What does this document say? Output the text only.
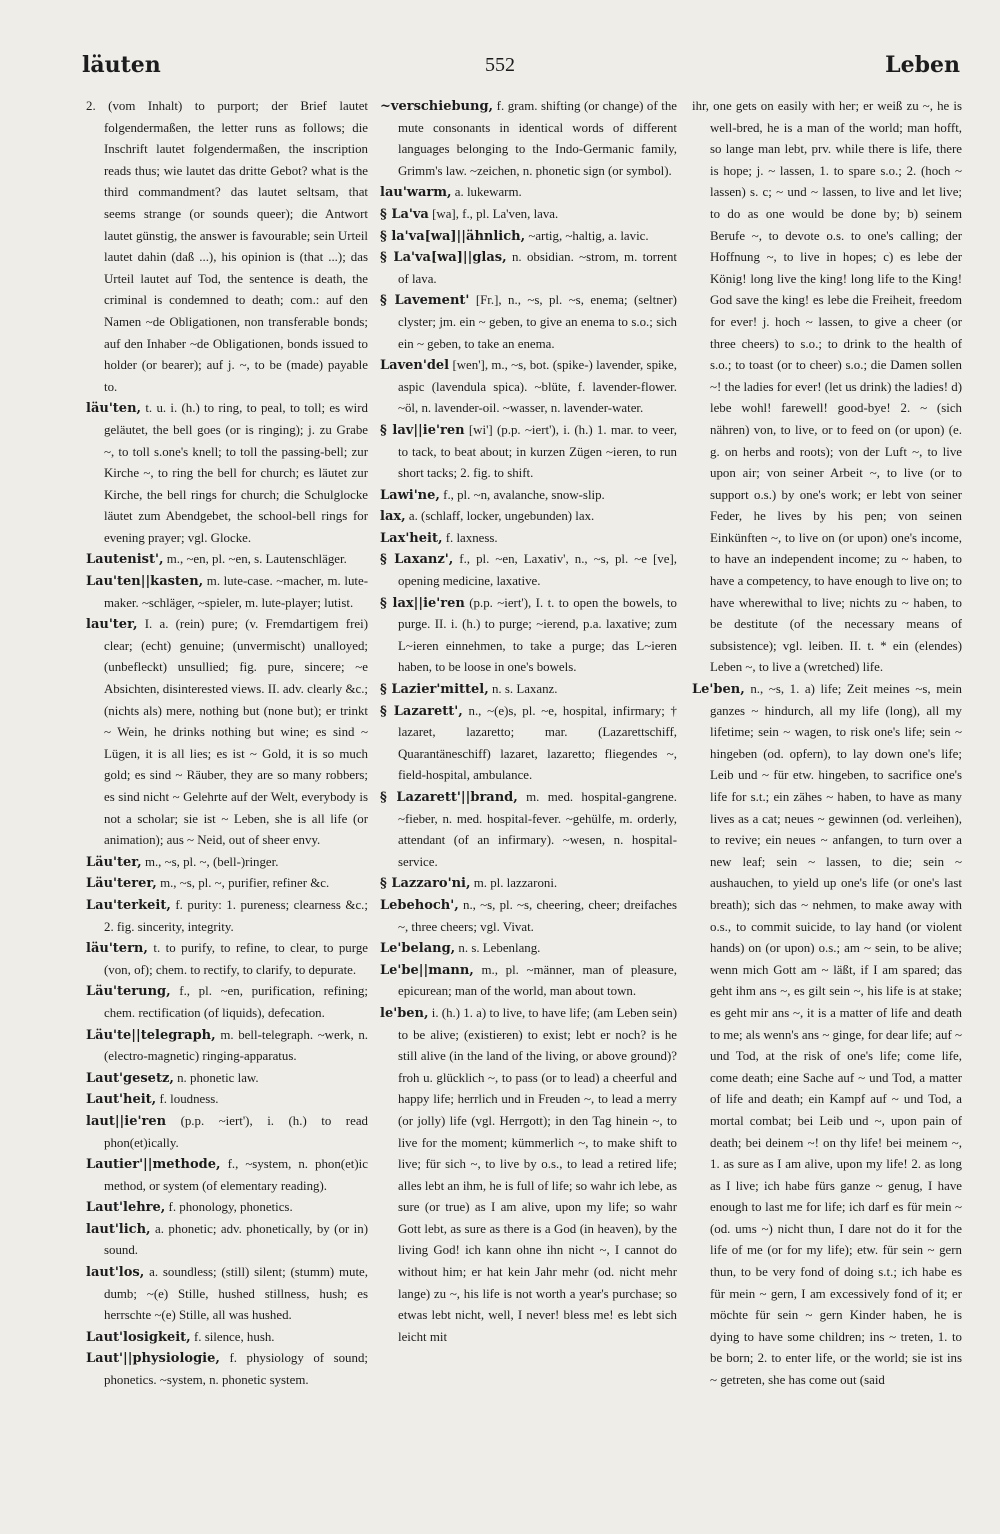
läuten	552	Leben

2. (vom Inhalt) to purport; der Brief lautet folgendermaßen, the letter runs as follows; die Inschrift lautet folgendermaßen, the inscription reads thus; wie lautet das dritte Gebot? what is the third commandment? das lautet seltsam, that seems strange (or sounds queer); die Antwort lautet günstig, the answer is favourable; sein Urteil lautet dahin (daß ...), his opinion is (that ...); das Urteil lautet auf Tod, the sentence is death, the criminal is condemned to death; com.: auf den Namen ~de Obligationen, non transferable bonds; auf den Inhaber ~de Obligationen, bonds issued to holder (or bearer); auf j. ~, to be (made) payable to.

läu'ten, t. u. i. (h.) to ring, to peal, to toll; es wird geläutet, the bell goes (or is ringing); j. zu Grabe ~, to toll s.one's knell; to toll the passing-bell; zur Kirche ~, to ring the bell for church; es läutet zur Kirche, the bell rings for church; die Schulglocke läutet zum Abendgebet, the school-bell rings for evening prayer; vgl. Glocke.

Lautenist', m., ~en, pl. ~en, s. Lautenschläger.

Lau'ten||kasten, m. lute-case. ~macher, m. lute-maker. ~schläger, ~spieler, m. lute-player; lutist.

lau'ter, I. a. (rein) pure; (v. Fremdartigem frei) clear; (echt) genuine; (unvermischt) unalloyed; (unbefleckt) unsullied; fig. pure, sincere; ~e Absichten, disinterested views. II. adv. clearly &c.; (nichts als) mere, nothing but (none but); er trinkt ~ Wein, he drinks nothing but wine; es sind ~ Lügen, it is all lies; es ist ~ Gold, it is so much gold; es sind ~ Räuber, they are so many robbers; es sind nicht ~ Gelehrte auf der Welt, everybody is not a scholar; sie ist ~ Leben, she is all life (or animation); aus ~ Neid, out of sheer envy.

Läu'ter, m., ~s, pl. ~, (bell-)ringer.

Läu'terer, m., ~s, pl. ~, purifier, refiner &c.

Lau'terkeit, f. purity: 1. pureness; clearness &c.; 2. fig. sincerity, integrity.

läu'tern, t. to purify, to refine, to clear, to purge (von, of); chem. to rectify, to clarify, to depurate.

Läu'terung, f., pl. ~en, purification, refining; chem. rectification (of liquids), defecation.

Läu'te||telegraph, m. bell-telegraph. ~werk, n. (electro-magnetic) ringing-apparatus.

Laut'gesetz, n. phonetic law.

Laut'heit, f. loudness.

laut||ie'ren (p.p. ~iert'), i. (h.) to read phon(et)ically.

Lautier'||methode, f., ~system, n. phon(et)ic method, or system (of elementary reading).

Laut'lehre, f. phonology, phonetics.

laut'lich, a. phonetic; adv. phonetically, by (or in) sound.

laut'los, a. soundless; (still) silent; (stumm) mute, dumb; ~(e) Stille, hushed stillness, hush; es herrschte ~(e) Stille, all was hushed.

Laut'losigkeit, f. silence, hush.

Laut'||physiologie, f. physiology of sound; phonetics. ~system, n. phonetic system.

~verschiebung, f. gram. shifting (or change) of the mute consonants in identical words of different languages belonging to the Indo-Germanic family, Grimm's law. ~zeichen, n. phonetic sign (or symbol).

lau'warm, a. lukewarm.

§ La'va [wa], f., pl. La'ven, lava.

§ la'va[wa]||ähnlich, ~artig, ~haltig, a. lavic.

§ La'va[wa]||glas, n. obsidian. ~strom, m. torrent of lava.

§ Lavement' [Fr.], n., ~s, pl. ~s, enema; (seltner) clyster; jm. ein ~ geben, to give an enema to s.o.; sich ein ~ geben, to take an enema.

Laven'del [wen'], m., ~s, bot. (spike-) lavender, spike, aspic (lavendula spica). ~blüte, f. lavender-flower. ~öl, n. lavender-oil. ~wasser, n. lavender-water.

§ lav||ie'ren [wi'] (p.p. ~iert'), i. (h.) 1. mar. to veer, to tack, to beat about; in kurzen Zügen ~ieren, to run short tacks; 2. fig. to shift.

Lawi'ne, f., pl. ~n, avalanche, snow-slip.

lax, a. (schlaff, locker, ungebunden) lax.

Lax'heit, f. laxness.

§ Laxanz', f., pl. ~en, Laxativ', n., ~s, pl. ~e [ve], opening medicine, laxative.

§ lax||ie'ren (p.p. ~iert'), I. t. to open the bowels, to purge. II. i. (h.) to purge; ~ierend, p.a. laxative; zum L~ieren einnehmen, to take a purge; das L~ieren haben, to be loose in one's bowels.

§ Lazier'mittel, n. s. Laxanz.

§ Lazarett', n., ~(e)s, pl. ~e, hospital, infirmary; † lazaret, lazaretto; mar. (Lazarettschiff, Quarantäneschiff) lazaret, lazaretto; fliegendes ~, field-hospital, ambulance.

§ Lazarett'||brand, m. med. hospital-gangrene. ~fieber, n. med. hospital-fever. ~gehülfe, m. orderly, attendant (of an infirmary). ~wesen, n. hospital-service.

§ Lazzaro'ni, m. pl. lazzaroni.

Lebehoch', n., ~s, pl. ~s, cheering, cheer; dreifaches ~, three cheers; vgl. Vivat.

Le'belang, n. s. Lebenlang.

Le'be||mann, m., pl. ~männer, man of pleasure, epicurean; man of the world, man about town.

le'ben, i. (h.) 1. a) to live, to have life; (am Leben sein) to be alive; (existieren) to exist; lebt er noch? is he still alive (in the land of the living, or above ground)? froh u. glücklich ~, to pass (or to lead) a cheerful and happy life; herrlich und in Freuden ~, to lead a merry (or jolly) life (vgl. Herrgott); in den Tag hinein ~, to live for the moment; kümmerlich ~, to make shift to live; für sich ~, to live by o.s., to lead a retired life; alles lebt an ihm, he is full of life; so wahr ich lebe, as sure (or true) as I am alive, upon my life; so wahr Gott lebt, as sure as there is a God (in heaven), by the living God! ich kann ohne ihn nicht ~, I cannot do without him; er hat kein Jahr mehr (od. nicht mehr lange) zu ~, his life is not worth a year's purchase; so etwas lebt nicht, well, I never! bless me! es lebt sich leicht mit

ihr, one gets on easily with her; er weiß zu ~, he is well-bred, he is a man of the world; man hofft, so lange man lebt, prv. while there is life, there is hope; j. ~ lassen, 1. to spare s.o.; 2. (hoch ~ lassen) s. c; ~ und ~ lassen, to live and let live; to do as one would be done by; b) seinem Berufe ~, to devote o.s. to one's calling; der Hoffnung ~, to live in hopes; c) es lebe der König! long live the king! long life to the King! God save the king! es lebe die Freiheit, freedom for ever! j. hoch ~ lassen, to give a cheer (or three cheers) to s.o.; to drink to the health of s.o.; to toast (or to cheer) s.o.; die Damen sollen ~! the ladies for ever! (let us drink) the ladies! d) lebe wohl! farewell! good-bye! 2. ~ (sich nähren) von, to live, or to feed on (or upon) (e. g. on herbs and roots); von der Luft ~, to live upon air; von seiner Arbeit ~, to live (or to support o.s.) by one's work; er lebt von seiner Feder, he lives by his pen; von seinen Einkünften ~, to live on (or upon) one's income, to have an independent income; zu ~ haben, to have a competency, to have enough to live on; to have wherewithal to live; nichts zu ~ haben, to be destitute (of the necessary means of subsistence); vgl. leiben. II. t. * ein (elendes) Leben ~, to live a (wretched) life.

Le'ben, n., ~s, 1. a) life; Zeit meines ~s, mein ganzes ~ hindurch, all my life (long), all my lifetime; sein ~ wagen, to risk one's life; sein ~ hingeben (od. opfern), to lay down one's life; Leib und ~ für etw. hingeben, to sacrifice one's life for s.t.; ein zähes ~ haben, to have as many lives as a cat; neues ~ gewinnen (od. verleihen), to revive; ein neues ~ anfangen, to turn over a new leaf; sein ~ lassen, to die; sein ~ aushauchen, to yield up one's life (or one's last breath); sich das ~ nehmen, to make away with o.s., to commit suicide, to lay hand (or violent hands) on (or upon) o.s.; am ~ sein, to be alive; wenn mich Gott am ~ läßt, if I am spared; das geht ihm ans ~, es gilt sein ~, his life is at stake; es geht mir ans ~, it is a matter of life and death to me; als wenn's ans ~ ginge, for dear life; auf ~ und Tod, at the risk of one's life; come life, come death; eine Sache auf ~ und Tod, a matter of life and death; ein Kampf auf ~ und Tod, a mortal combat; bei Leib und ~, upon pain of death; bei deinem ~! on thy life! bei meinem ~, 1. as sure as I am alive, upon my life! 2. as long as I live; ich habe fürs ganze ~ genug, I have enough to last me for life; ich darf es für mein ~ (od. ums ~) nicht thun, I dare not do it for the life of me (or for my life); etw. für sein ~ gern thun, to be very fond of doing s.t.; ich habe es für mein ~ gern, I am excessively fond of it; er möchte für sein ~ gern Kinder haben, he is dying to have some children; ins ~ treten, 1. to be born; 2. to enter life, or the world; sie ist ins ~ getreten, she has come out (said
